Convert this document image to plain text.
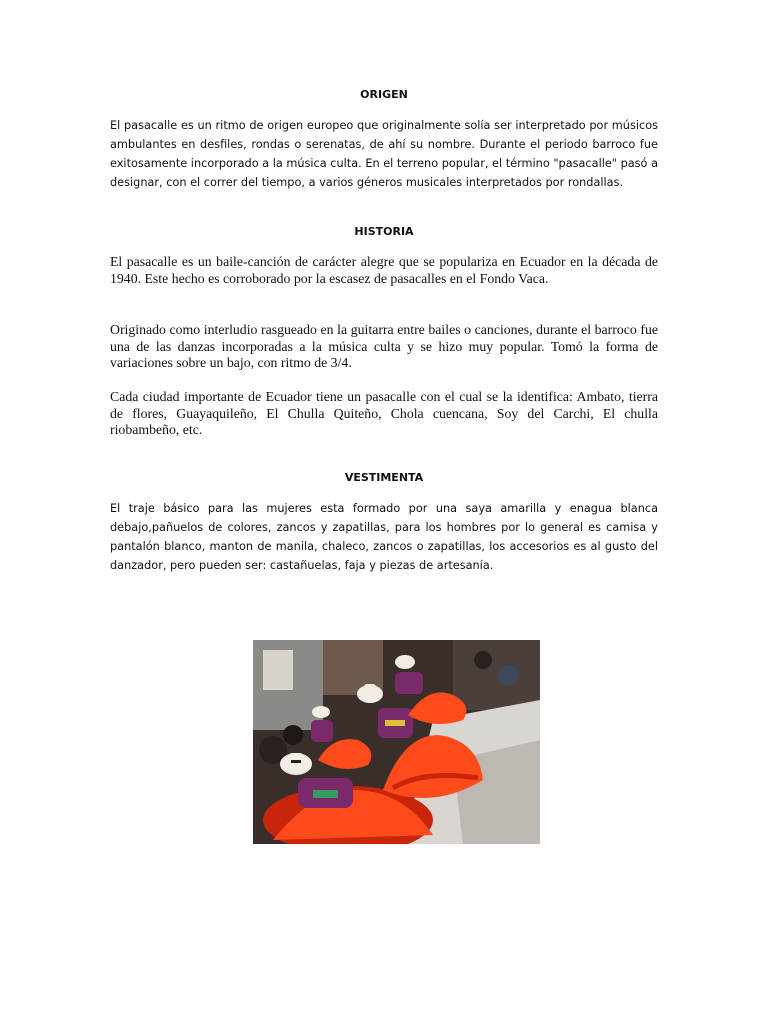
ORIGEN

El pasacalle es un ritmo de origen europeo que originalmente solía ser interpretado por músicos ambulantes en desfiles, rondas o serenatas, de ahí su nombre. Durante el periodo barroco fue exitosamente incorporado a la música culta. En el terreno popular, el término "pasacalle" pasó a designar, con el correr del tiempo, a varios géneros musicales interpretados por rondallas.

HISTORIA

El pasacalle es un baile-canción de carácter alegre que se populariza en Ecuador en la década de 1940. Este hecho es corroborado por la escasez de pasacalles en el Fondo Vaca.

Originado como interludio rasgueado en la guitarra entre bailes o canciones, durante el barroco fue una de las danzas incorporadas a la música culta y se hizo muy popular. Tomó la forma de variaciones sobre un bajo, con ritmo de 3/4.

Cada ciudad importante de Ecuador tiene un pasacalle con el cual se la identifica: Ambato, tierra de flores, Guayaquileño, El Chulla Quiteño, Chola cuencana, Soy del Carchi, El chulla riobambeño, etc.

VESTIMENTA

El traje básico para las mujeres esta formado por una saya amarilla y enagua blanca debajo,pañuelos de colores, zancos y zapatillas, para los hombres por lo general es camisa y pantalón blanco, manton de manila, chaleco, zancos o zapatillas, los accesorios es al gusto del danzador, pero pueden ser: castañuelas, faja y piezas de artesanía.
